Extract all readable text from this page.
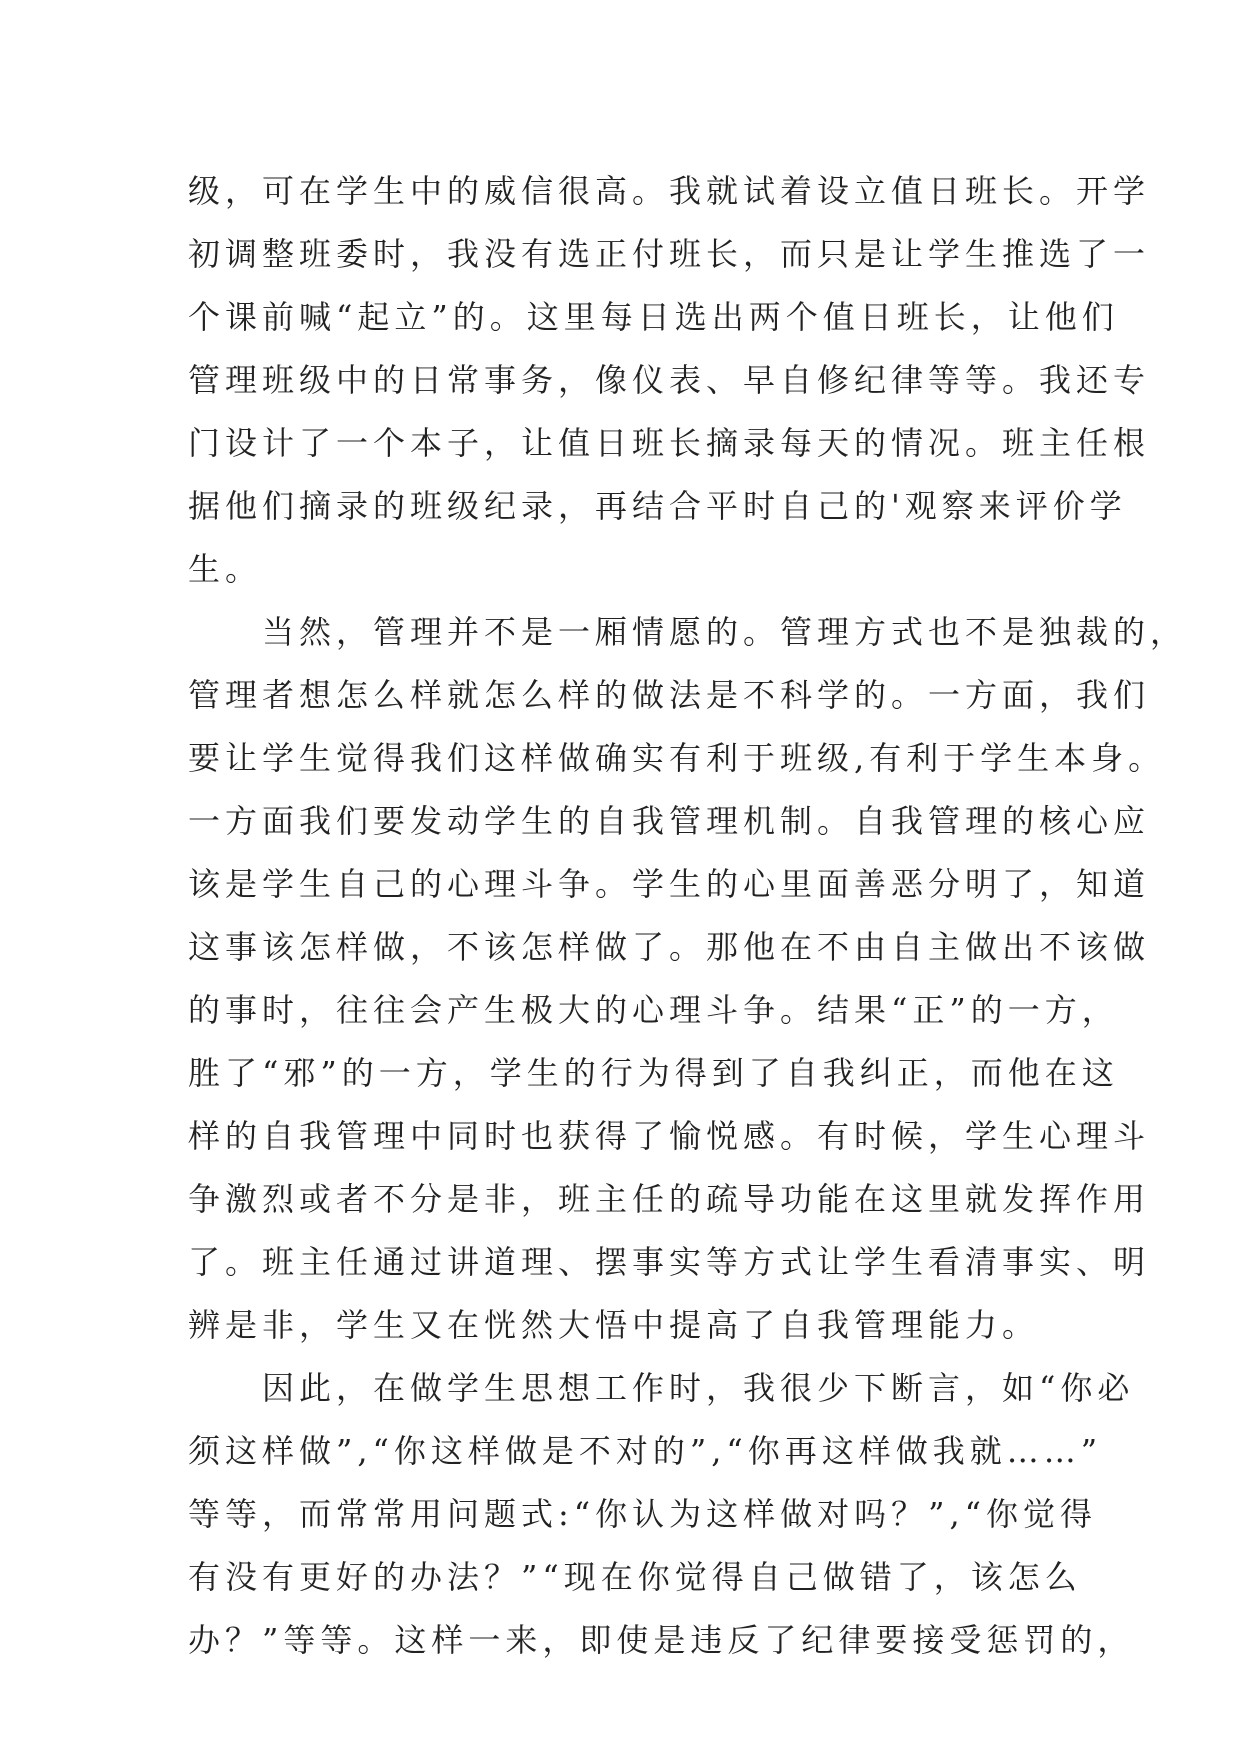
级，可在学生中的威信很高。我就试着设立值日班长。开学
初调整班委时，我没有选正付班长，而只是让学生推选了一
个课前喊“起立”的。这里每日选出两个值日班长，让他们
管理班级中的日常事务，像仪表、早自修纪律等等。我还专
门设计了一个本子，让值日班长摘录每天的情况。班主任根
据他们摘录的班级纪录，再结合平时自己的'观察来评价学
生。
　　当然，管理并不是一厢情愿的。管理方式也不是独裁的，
管理者想怎么样就怎么样的做法是不科学的。一方面，我们
要让学生觉得我们这样做确实有利于班级,有利于学生本身。
一方面我们要发动学生的自我管理机制。自我管理的核心应
该是学生自己的心理斗争。学生的心里面善恶分明了，知道
这事该怎样做，不该怎样做了。那他在不由自主做出不该做
的事时，往往会产生极大的心理斗争。结果“正”的一方，
胜了“邪”的一方，学生的行为得到了自我纠正，而他在这
样的自我管理中同时也获得了愉悦感。有时候，学生心理斗
争激烈或者不分是非，班主任的疏导功能在这里就发挥作用
了。班主任通过讲道理、摆事实等方式让学生看清事实、明
辨是非，学生又在恍然大悟中提高了自我管理能力。
　　因此，在做学生思想工作时，我很少下断言，如“你必
须这样做”,“你这样做是不对的”,“你再这样做我就……”
等等，而常常用问题式:“你认为这样做对吗？”,“你觉得
有没有更好的办法？”“现在你觉得自己做错了，该怎么
办？”等等。这样一来，即使是违反了纪律要接受惩罚的，
